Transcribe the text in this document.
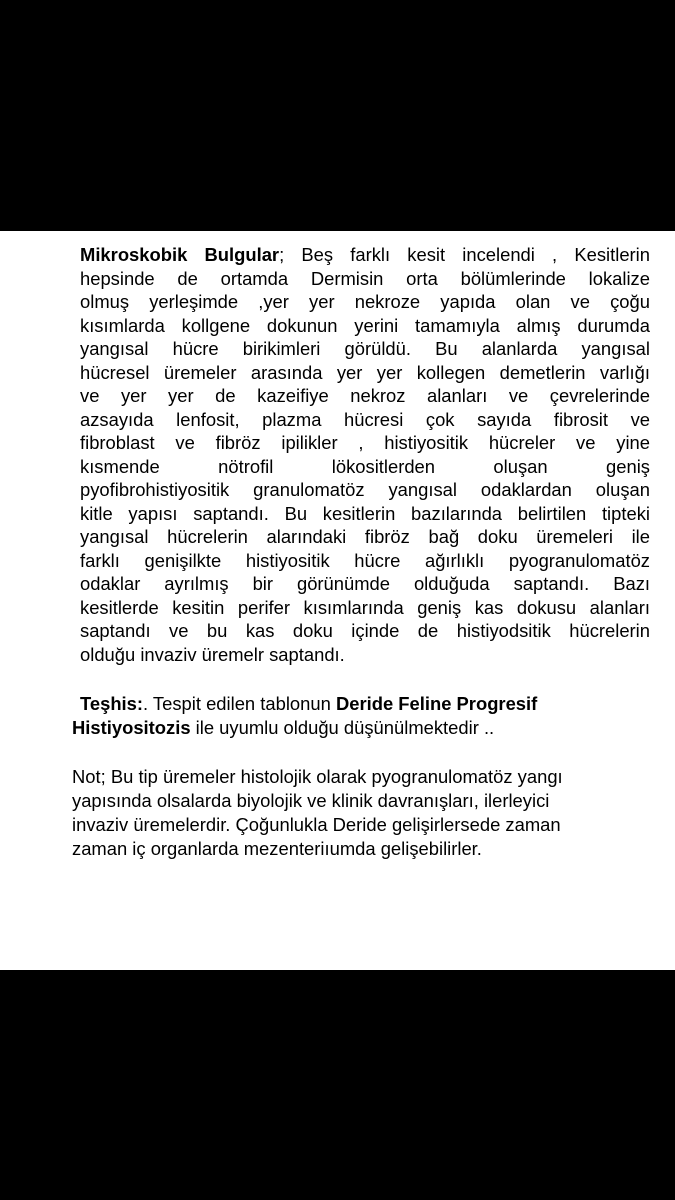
Mikroskobik Bulgular; Beş farklı kesit incelendi , Kesitlerin
hepsinde de ortamda Dermisin orta bölümlerinde lokalize
olmuş yerleşimde ,yer yer nekroze yapıda olan ve çoğu
kısımlarda kollgene dokunun yerini tamamıyla almış durumda
yangısal hücre birikimleri görüldü. Bu alanlarda yangısal
hücresel üremeler arasında yer yer kollegen demetlerin varlığı
ve yer yer de kazeifiye nekroz alanları ve çevrelerinde
azsayıda lenfosit, plazma hücresi çok sayıda fibrosit ve
fibroblast ve fibröz ipilikler , histiyositik hücreler ve yine
kısmende nötrofil lökositlerden oluşan geniş
pyofibrohistiyositik granulomatöz yangısal odaklardan oluşan
kitle yapısı saptandı. Bu kesitlerin bazılarında belirtilen tipteki
yangısal hücrelerin alarındaki fibröz bağ doku üremeleri ile
farklı genişilkte histiyositik hücre ağırlıklı pyogranulomatöz
odaklar ayrılmış bir görünümde olduğuda saptandı. Bazı
kesitlerde kesitin perifer kısımlarında geniş kas dokusu alanları
saptandı ve bu kas doku içinde de histiyodsitik hücrelerin
olduğu invaziv üremelr saptandı.
Teşhis:. Tespit edilen tablonun Deride Feline Progresif
Histiyositozis ile uyumlu olduğu düşünülmektedir ..
Not; Bu tip üremeler histolojik olarak pyogranulomatöz yangı
yapısında olsalarda biyolojik ve klinik davranışları, ilerleyici
invaziv üremelerdir. Çoğunlukla Deride gelişirlersede zaman
zaman iç organlarda mezenteriıumda gelişebilirler.
